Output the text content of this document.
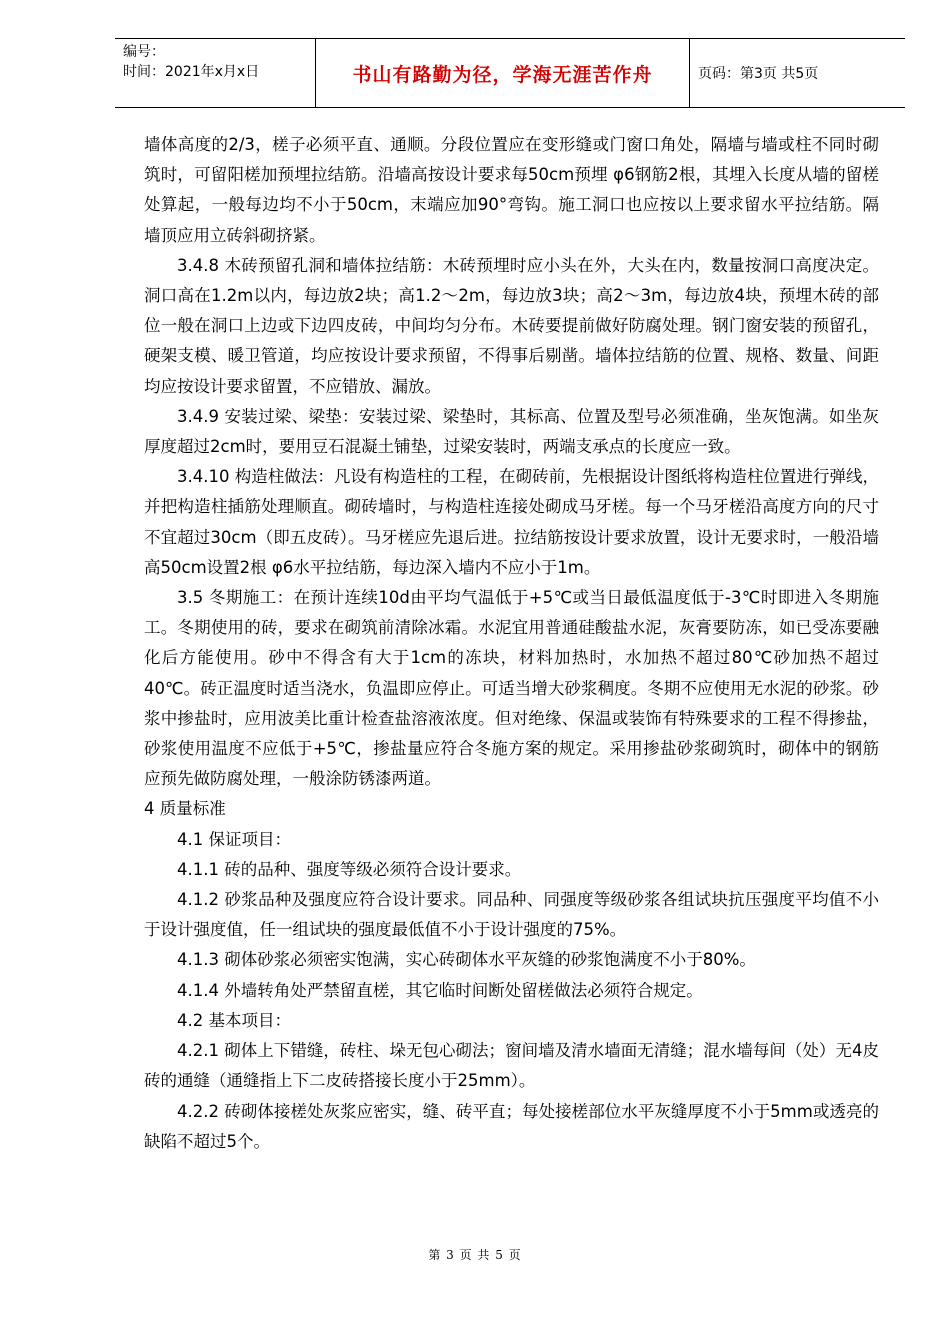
编号：
时间：2021年x月x日	书山有路勤为径，学海无涯苦作舟	页码：第3页 共5页

墙体高度的2/3，槎子必须平直、通顺。分段位置应在变形缝或门窗口角处，隔墙与墙或柱不同时砌筑时，可留阳槎加预埋拉结筋。沿墙高按设计要求每50cm预埋 φ6钢筋2根，其埋入长度从墙的留槎处算起，一般每边均不小于50cm，末端应加90°弯钩。施工洞口也应按以上要求留水平拉结筋。隔墙顶应用立砖斜砌挤紧。

3.4.8 木砖预留孔洞和墙体拉结筋：木砖预埋时应小头在外，大头在内，数量按洞口高度决定。洞口高在1.2m以内，每边放2块；高1.2～2m，每边放3块；高2～3m，每边放4块，预埋木砖的部位一般在洞口上边或下边四皮砖，中间均匀分布。木砖要提前做好防腐处理。钢门窗安装的预留孔，硬架支模、暖卫管道，均应按设计要求预留，不得事后剔凿。墙体拉结筋的位置、规格、数量、间距均应按设计要求留置，不应错放、漏放。

3.4.9 安装过梁、梁垫：安装过梁、梁垫时，其标高、位置及型号必须准确，坐灰饱满。如坐灰厚度超过2cm时，要用豆石混凝土铺垫，过梁安装时，两端支承点的长度应一致。

3.4.10 构造柱做法：凡设有构造柱的工程，在砌砖前，先根据设计图纸将构造柱位置进行弹线，并把构造柱插筋处理顺直。砌砖墙时，与构造柱连接处砌成马牙槎。每一个马牙槎沿高度方向的尺寸不宜超过30cm（即五皮砖）。马牙槎应先退后进。拉结筋按设计要求放置，设计无要求时，一般沿墙高50cm设置2根 φ6水平拉结筋，每边深入墙内不应小于1m。

3.5 冬期施工：在预计连续10d由平均气温低于+5℃或当日最低温度低于-3℃时即进入冬期施工。冬期使用的砖，要求在砌筑前清除冰霜。水泥宜用普通硅酸盐水泥，灰膏要防冻，如已受冻要融化后方能使用。砂中不得含有大于1cm的冻块，材料加热时，水加热不超过80℃砂加热不超过40℃。砖正温度时适当浇水，负温即应停止。可适当增大砂浆稠度。冬期不应使用无水泥的砂浆。砂浆中掺盐时，应用波美比重计检查盐溶液浓度。但对绝缘、保温或装饰有特殊要求的工程不得掺盐，砂浆使用温度不应低于+5℃，掺盐量应符合冬施方案的规定。采用掺盐砂浆砌筑时，砌体中的钢筋应预先做防腐处理，一般涂防锈漆两道。

4 质量标准

4.1 保证项目：

4.1.1 砖的品种、强度等级必须符合设计要求。

4.1.2 砂浆品种及强度应符合设计要求。同品种、同强度等级砂浆各组试块抗压强度平均值不小于设计强度值，任一组试块的强度最低值不小于设计强度的75%。

4.1.3 砌体砂浆必须密实饱满，实心砖砌体水平灰缝的砂浆饱满度不小于80%。

4.1.4 外墙转角处严禁留直槎，其它临时间断处留槎做法必须符合规定。

4.2 基本项目：

4.2.1 砌体上下错缝，砖柱、垛无包心砌法；窗间墙及清水墙面无清缝；混水墙每间（处）无4皮砖的通缝（通缝指上下二皮砖搭接长度小于25mm）。

4.2.2 砖砌体接槎处灰浆应密实，缝、砖平直；每处接槎部位水平灰缝厚度不小于5mm或透亮的缺陷不超过5个。

第 3 页 共 5 页
